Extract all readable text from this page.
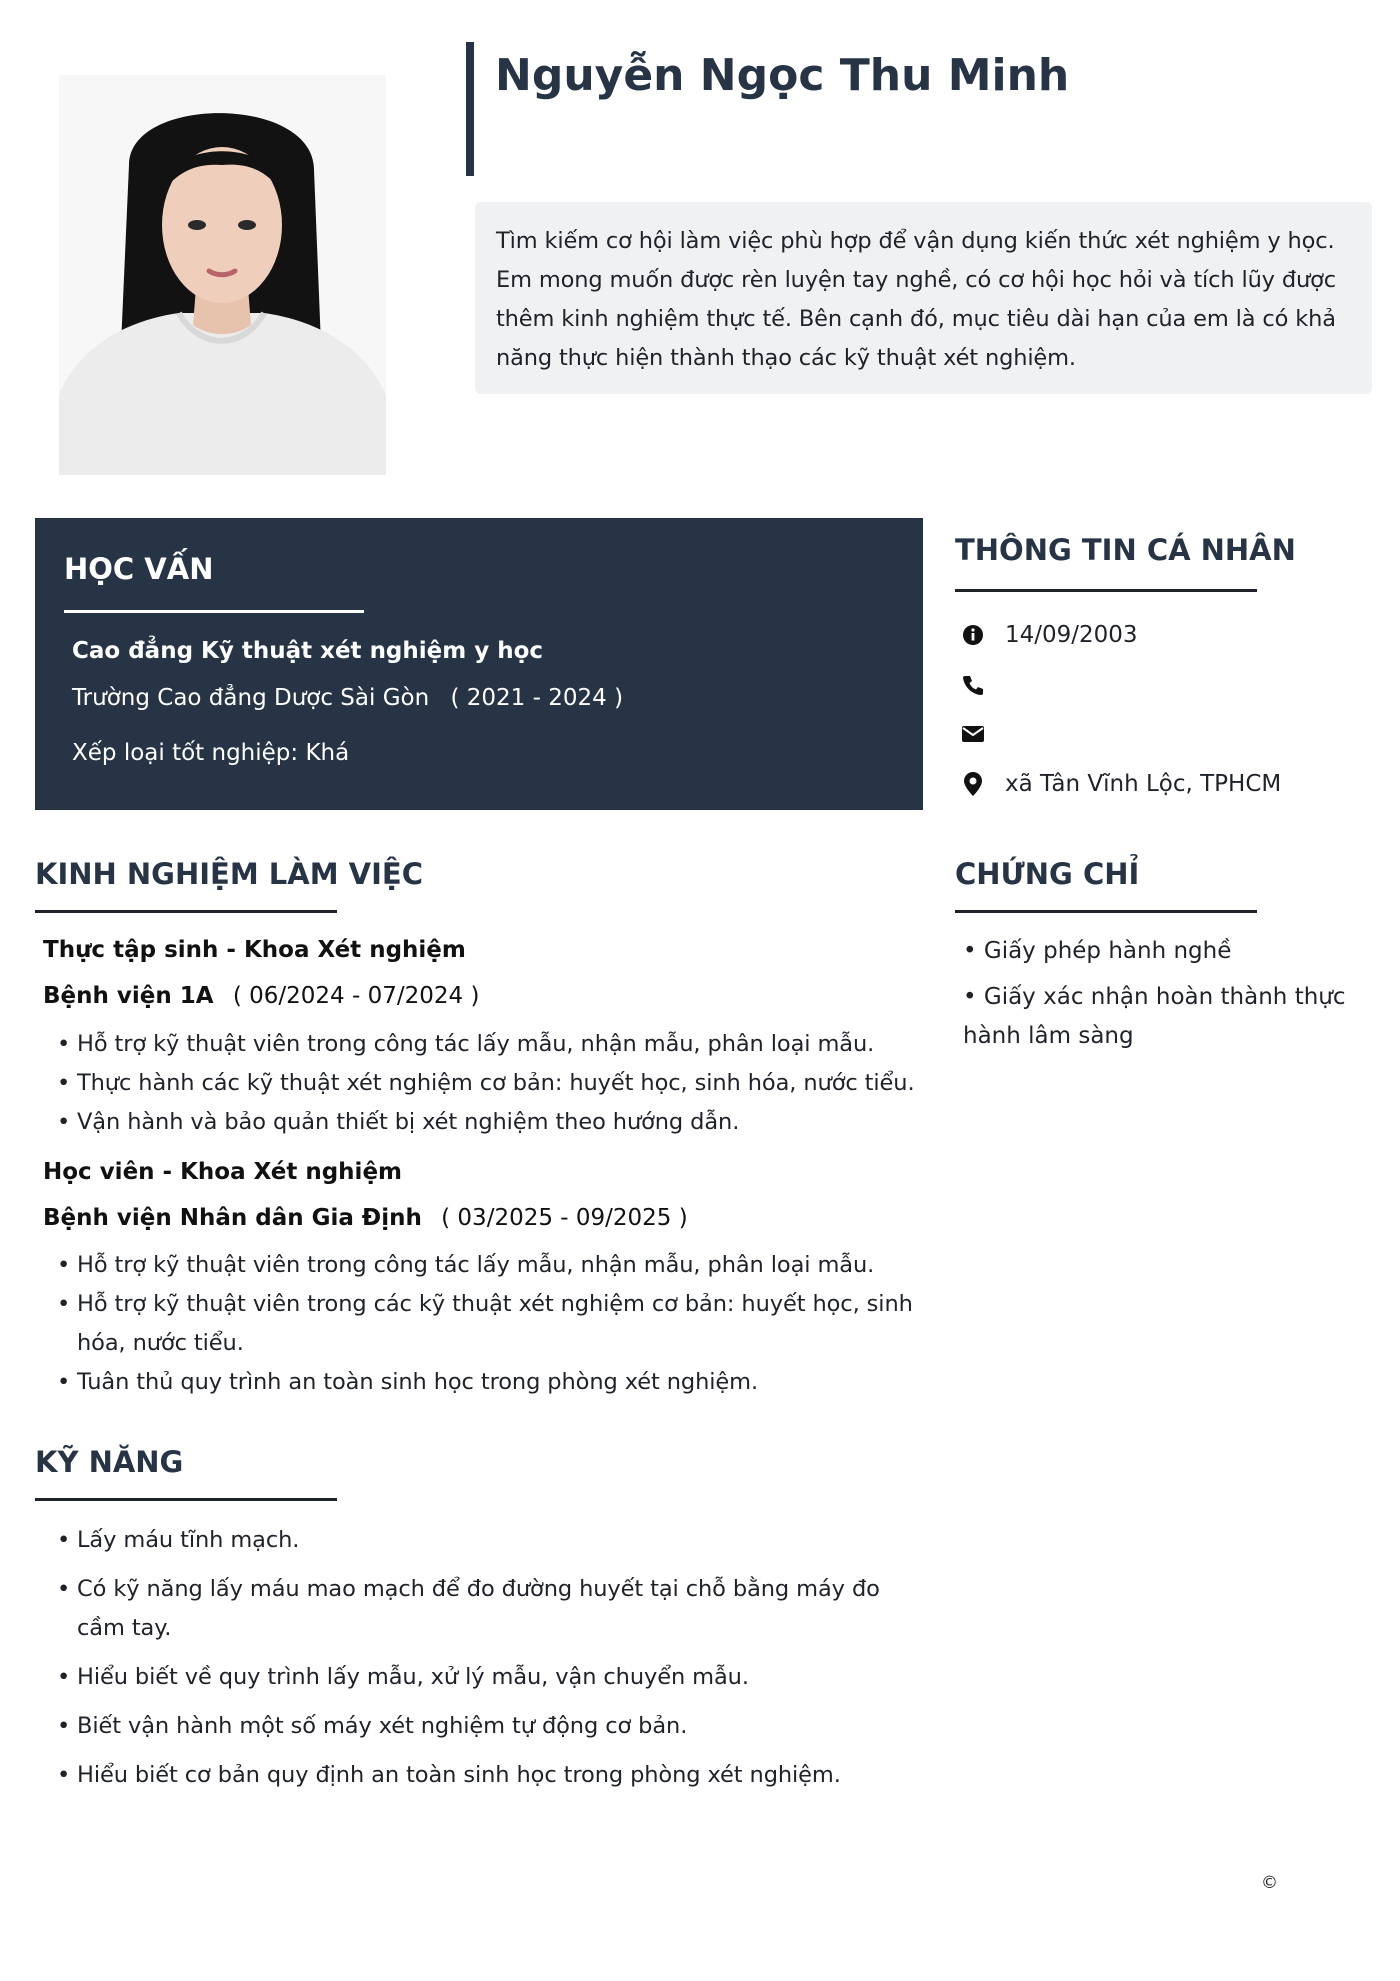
Nguyễn Ngọc Thu Minh

Tìm kiếm cơ hội làm việc phù hợp để vận dụng kiến thức xét nghiệm y học. Em mong muốn được rèn luyện tay nghề, có cơ hội học hỏi và tích lũy được thêm kinh nghiệm thực tế. Bên cạnh đó, mục tiêu dài hạn của em là có khả năng thực hiện thành thạo các kỹ thuật xét nghiệm.

HỌC VẤN
Cao đẳng Kỹ thuật xét nghiệm y học
Trường Cao đẳng Dược Sài Gòn ( 2021 - 2024 )
Xếp loại tốt nghiệp: Khá
THÔNG TIN CÁ NHÂN
14/09/2003
xã Tân Vĩnh Lộc, TPHCM
KINH NGHIỆM LÀM VIỆC
Thực tập sinh - Khoa Xét nghiệm
Bệnh viện 1A ( 06/2024 - 07/2024 )
• Hỗ trợ kỹ thuật viên trong công tác lấy mẫu, nhận mẫu, phân loại mẫu.
• Thực hành các kỹ thuật xét nghiệm cơ bản: huyết học, sinh hóa, nước tiểu.
• Vận hành và bảo quản thiết bị xét nghiệm theo hướng dẫn.
Học viên - Khoa Xét nghiệm
Bệnh viện Nhân dân Gia Định ( 03/2025 - 09/2025 )
• Hỗ trợ kỹ thuật viên trong công tác lấy mẫu, nhận mẫu, phân loại mẫu.
• Hỗ trợ kỹ thuật viên trong các kỹ thuật xét nghiệm cơ bản: huyết học, sinh hóa, nước tiểu.
• Tuân thủ quy trình an toàn sinh học trong phòng xét nghiệm.
CHỨNG CHỈ
• Giấy phép hành nghề
• Giấy xác nhận hoàn thành thực hành lâm sàng
KỸ NĂNG
• Lấy máu tĩnh mạch.
• Có kỹ năng lấy máu mao mạch để đo đường huyết tại chỗ bằng máy đo cầm tay.
• Hiểu biết về quy trình lấy mẫu, xử lý mẫu, vận chuyển mẫu.
• Biết vận hành một số máy xét nghiệm tự động cơ bản.
• Hiểu biết cơ bản quy định an toàn sinh học trong phòng xét nghiệm.
©
